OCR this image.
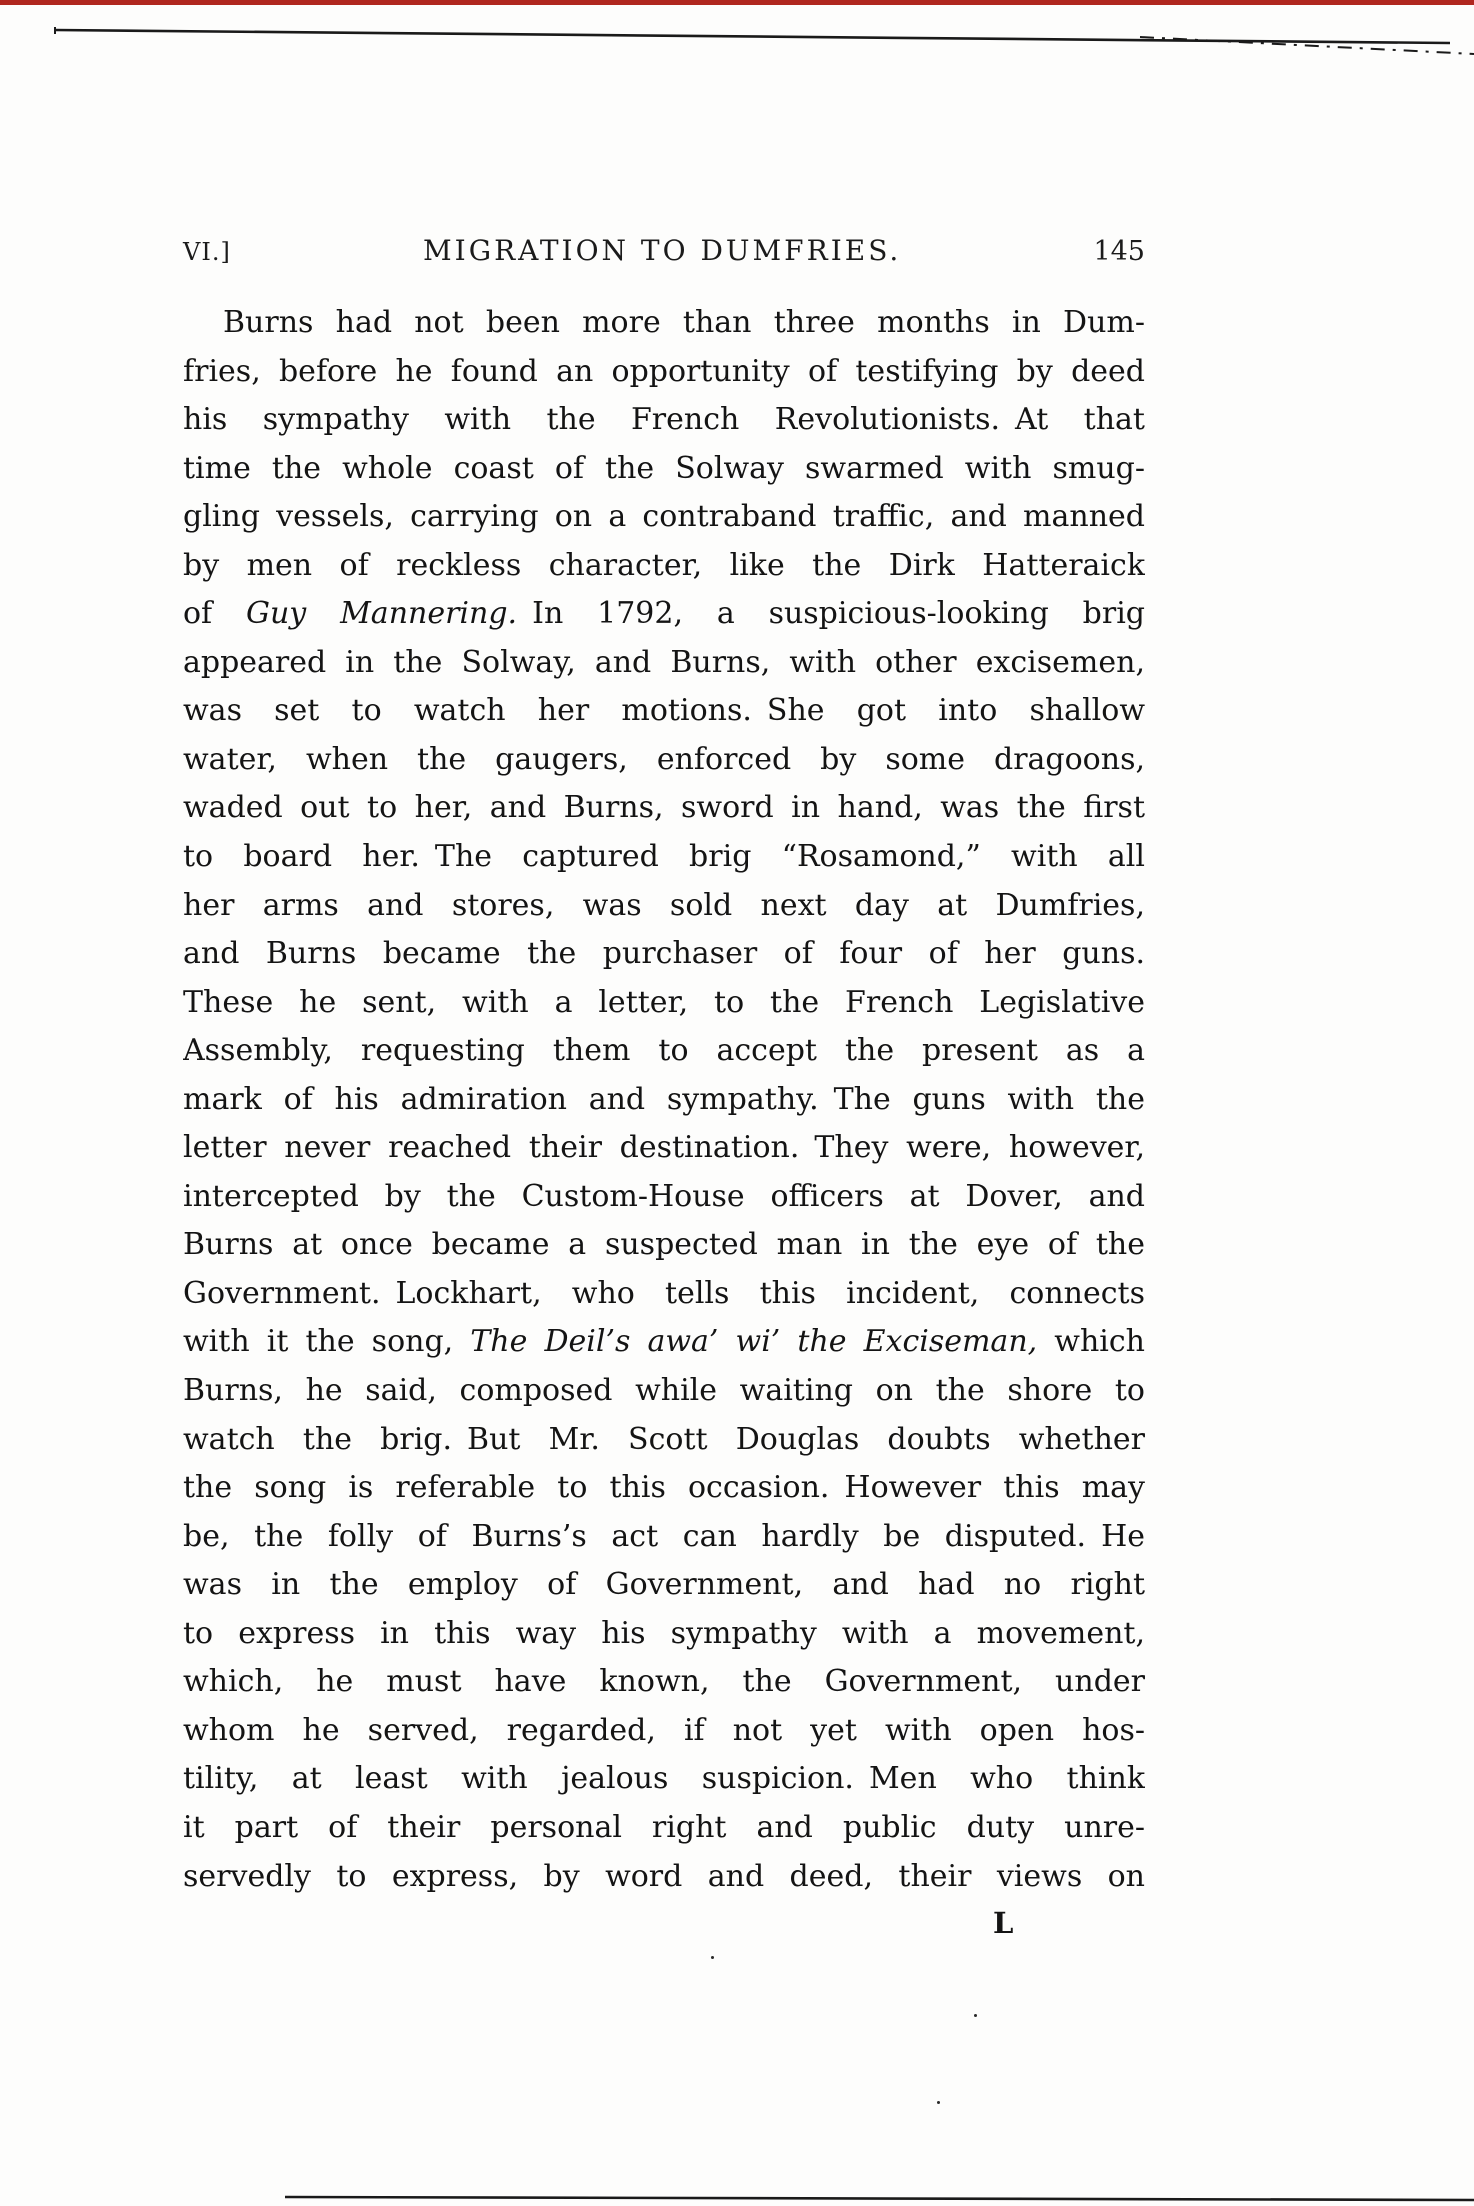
VI.]	MIGRATION TO DUMFRIES.	145
Burns had not been more than three months in Dum-
fries, before he found an opportunity of testifying by deed
his sympathy with the French Revolutionists. At that
time the whole coast of the Solway swarmed with smug-
gling vessels, carrying on a contraband traffic, and manned
by men of reckless character, like the Dirk Hatteraick
of Guy Mannering. In 1792, a suspicious-looking brig
appeared in the Solway, and Burns, with other excisemen,
was set to watch her motions. She got into shallow
water, when the gaugers, enforced by some dragoons,
waded out to her, and Burns, sword in hand, was the first
to board her. The captured brig “Rosamond,” with all
her arms and stores, was sold next day at Dumfries,
and Burns became the purchaser of four of her guns.
These he sent, with a letter, to the French Legislative
Assembly, requesting them to accept the present as a
mark of his admiration and sympathy. The guns with the
letter never reached their destination. They were, however,
intercepted by the Custom-House officers at Dover, and
Burns at once became a suspected man in the eye of the
Government. Lockhart, who tells this incident, connects
with it the song, The Deil’s awa’ wi’ the Exciseman, which
Burns, he said, composed while waiting on the shore to
watch the brig. But Mr. Scott Douglas doubts whether
the song is referable to this occasion. However this may
be, the folly of Burns’s act can hardly be disputed. He
was in the employ of Government, and had no right
to express in this way his sympathy with a movement,
which, he must have known, the Government, under
whom he served, regarded, if not yet with open hos-
tility, at least with jealous suspicion. Men who think
it part of their personal right and public duty unre-
servedly to express, by word and deed, their views on
L
